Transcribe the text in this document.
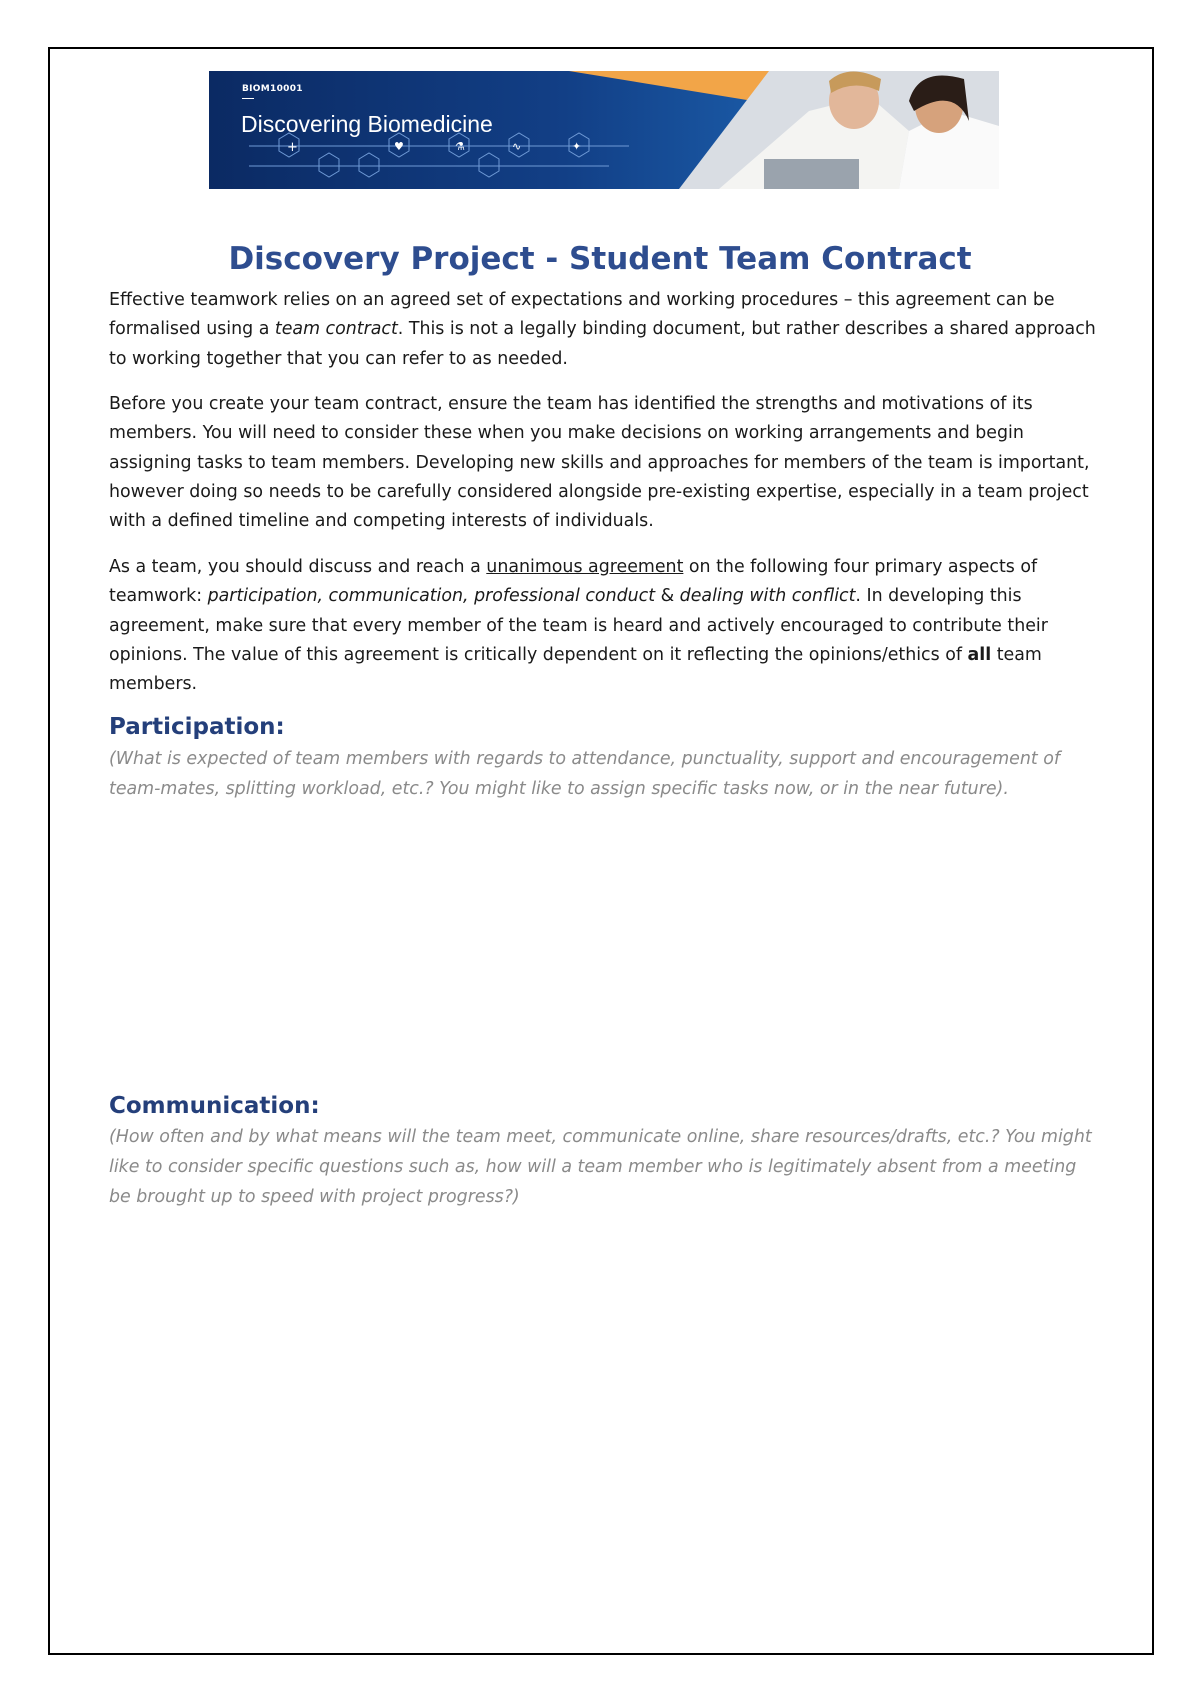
+	♥	⚗	∿	✦
BIOM10001
Discovering Biomedicine
Discovery Project - Student Team Contract

Effective teamwork relies on an agreed set of expectations and working procedures – this agreement can be formalised using a team contract. This is not a legally binding document, but rather describes a shared approach to working together that you can refer to as needed.

Before you create your team contract, ensure the team has identified the strengths and motivations of its members. You will need to consider these when you make decisions on working arrangements and begin assigning tasks to team members. Developing new skills and approaches for members of the team is important, however doing so needs to be carefully considered alongside pre-existing expertise, especially in a team project with a defined timeline and competing interests of individuals.

As a team, you should discuss and reach a unanimous agreement on the following four primary aspects of teamwork: participation, communication, professional conduct & dealing with conflict. In developing this agreement, make sure that every member of the team is heard and actively encouraged to contribute their opinions. The value of this agreement is critically dependent on it reflecting the opinions/ethics of all team members.

Participation:

(What is expected of team members with regards to attendance, punctuality, support and encouragement of team-mates, splitting workload, etc.? You might like to assign specific tasks now, or in the near future).

Communication:

(How often and by what means will the team meet, communicate online, share resources/drafts, etc.? You might like to consider specific questions such as, how will a team member who is legitimately absent from a meeting be brought up to speed with project progress?)
